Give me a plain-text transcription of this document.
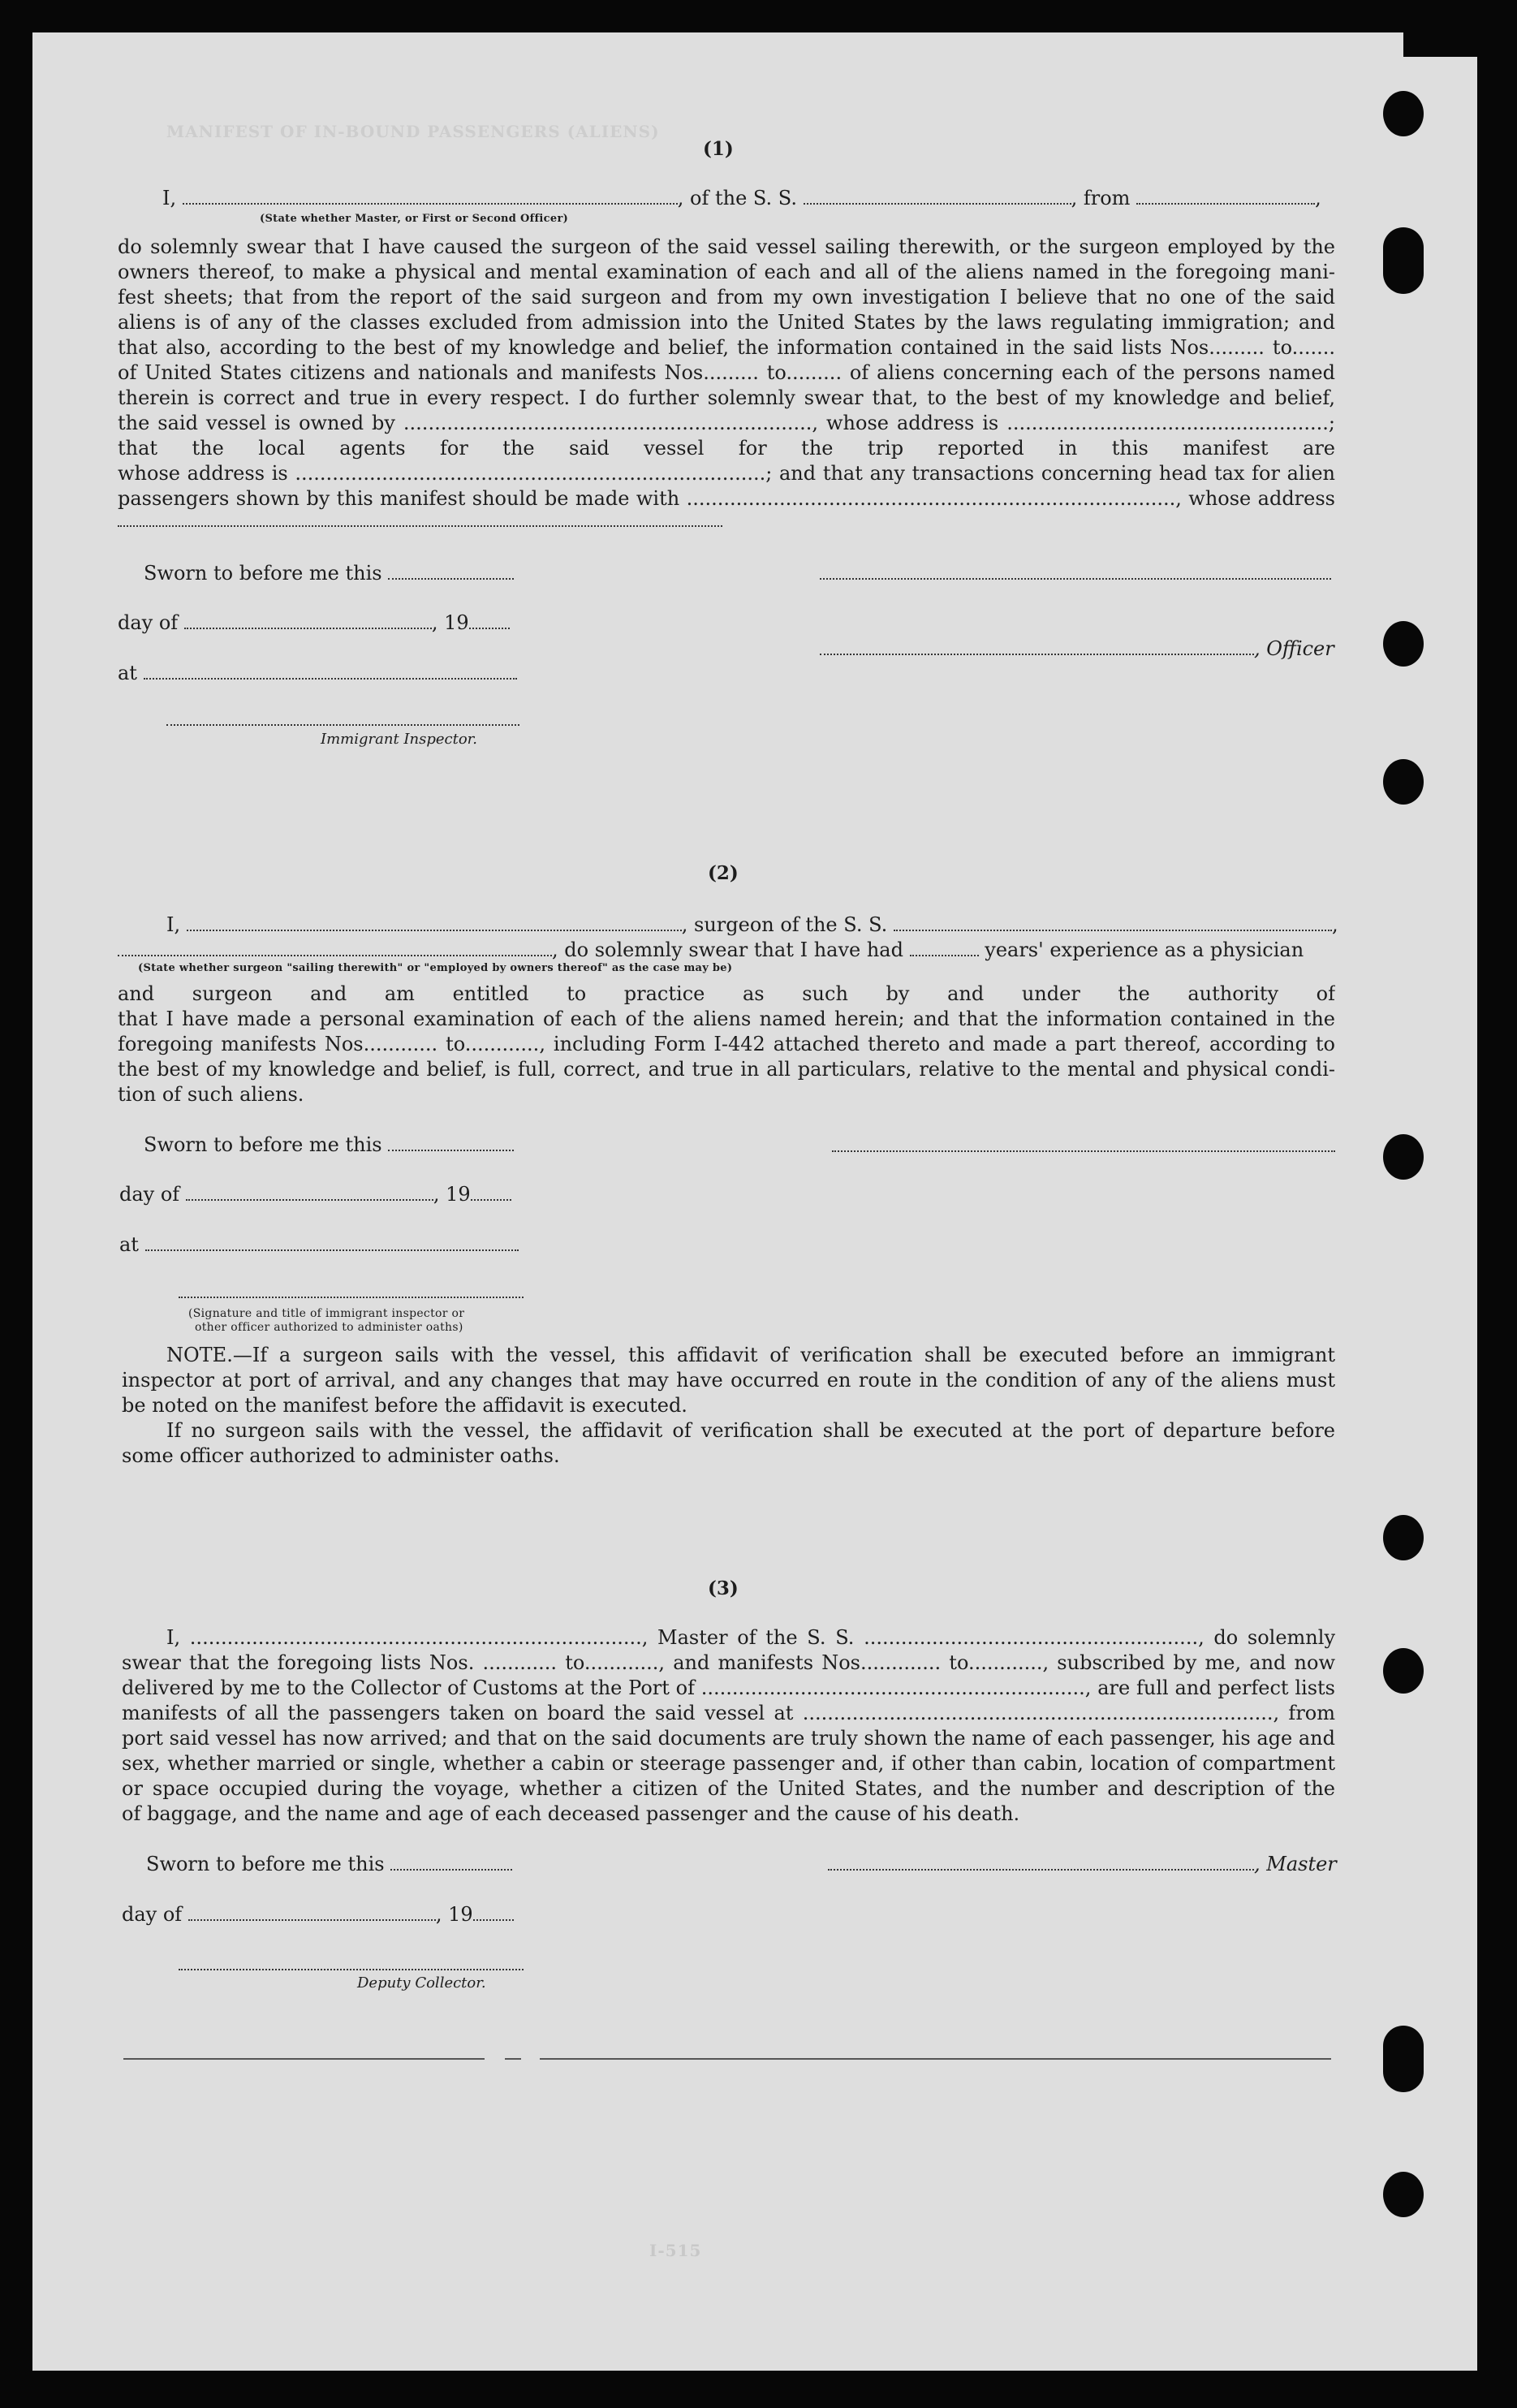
MANIFEST OF IN-BOUND PASSENGERS (ALIENS)
(1)
I,	, of the S. S.	, from	,
(State whether Master, or First or Second Officer)
do solemnly swear that I have caused the surgeon of the said vessel sailing therewith, or the surgeon employed by the
owners thereof, to make a physical and mental examination of each and all of the aliens named in the foregoing mani-
fest sheets; that from the report of the said surgeon and from my own investigation I believe that no one of the said
aliens is of any of the classes excluded from admission into the United States by the laws regulating immigration; and
that also, according to the best of my knowledge and belief, the information contained in the said lists Nos......... to.......
of United States citizens and nationals and manifests Nos......... to......... of aliens concerning each of the persons named
therein is correct and true in every respect. I do further solemnly swear that, to the best of my knowledge and belief,
the said vessel is owned by .................................................................., whose address is ....................................................;
that the local agents for the said vessel for the trip reported in this manifest are
whose address is ............................................................................; and that any transactions concerning head tax for alien
passengers shown by this manifest should be made with ..............................................................................., whose address
Sworn to before me this
day of	, 19
, Officer
at
Immigrant Inspector.
(2)
I,	, surgeon of the S. S.	,
, do solemnly swear that I have had	years' experience as a physician
(State whether surgeon "sailing therewith" or "employed by owners thereof" as the case may be)
and surgeon and am entitled to practice as such by and under the authority of
that I have made a personal examination of each of the aliens named herein; and that the information contained in the
foregoing manifests Nos............ to............, including Form I-442 attached thereto and made a part thereof, according to
the best of my knowledge and belief, is full, correct, and true in all particulars, relative to the mental and physical condi-
tion of such aliens.
Sworn to before me this
day of	, 19
at
(Signature and title of immigrant inspector or
other officer authorized to administer oaths)
NOTE.—If a surgeon sails with the vessel, this affidavit of verification shall be executed before an immigrant
inspector at port of arrival, and any changes that may have occurred en route in the condition of any of the aliens must
be noted on the manifest before the affidavit is executed.
If no surgeon sails with the vessel, the affidavit of verification shall be executed at the port of departure before
some officer authorized to administer oaths.
(3)
I, ........................................................................., Master of the S. S. ......................................................, do solemnly
swear that the foregoing lists Nos. ............ to............, and manifests Nos............. to............, subscribed by me, and now
delivered by me to the Collector of Customs at the Port of .............................................................., are full and perfect lists
manifests of all the passengers taken on board the said vessel at ............................................................................, from
port said vessel has now arrived; and that on the said documents are truly shown the name of each passenger, his age and
sex, whether married or single, whether a cabin or steerage passenger and, if other than cabin, location of compartment
or space occupied during the voyage, whether a citizen of the United States, and the number and description of the
of baggage, and the name and age of each deceased passenger and the cause of his death.
Sworn to before me this	, Master
day of	, 19
Deputy Collector.
I-515
